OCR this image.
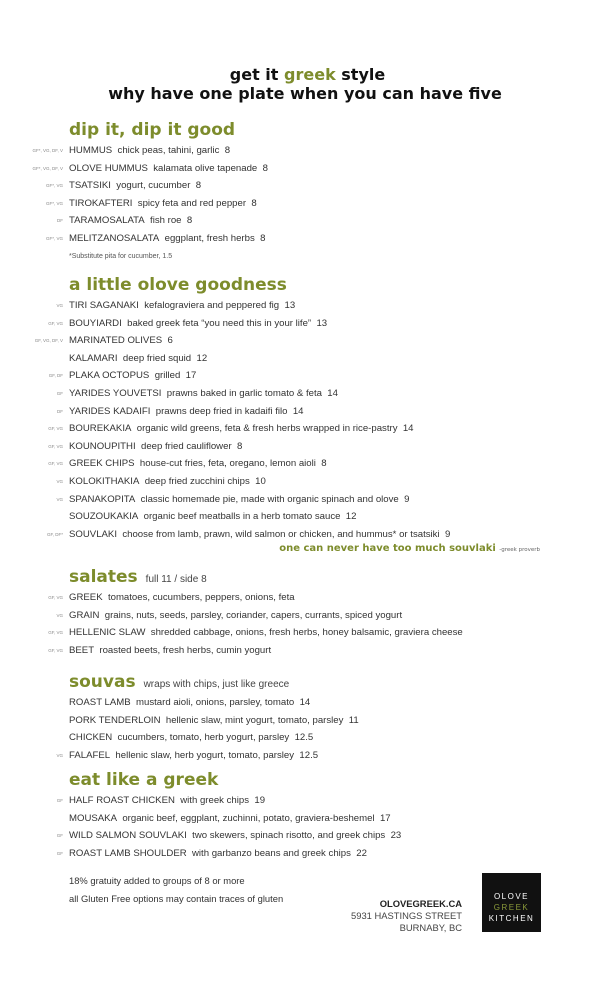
get it greek style
why have one plate when you can have five
dip it, dip it good
GF*, VG, DF, V HUMMUS chick peas, tahini, garlic 8
GF*, VG, DF, V OLOVE HUMMUS kalamata olive tapenade 8
GF*, VG TSATSIKI yogurt, cucumber 8
GF*, VG TIROKAFTERI spicy feta and red pepper 8
DF TARAMOSALATA fish roe 8
GF*, VG MELITZANOSALATA eggplant, fresh herbs 8
*Substitute pita for cucumber, 1.5
a little olove goodness
VG TIRI SAGANAKI kefalograviera and peppered fig 13
GF, VG BOUYIARDI baked greek feta “you need this in your life” 13
GF, VG, DF, V MARINATED OLIVES 6
KALAMARI deep fried squid 12
GF, DF PLAKA OCTOPUS grilled 17
GF YARIDES YOUVETSI prawns baked in garlic tomato & feta 14
DF YARIDES KADAIFI prawns deep fried in kadaifi filo 14
GF, VG BOUREKAKIA organic wild greens, feta & fresh herbs wrapped in rice-pastry 14
GF, VG KOUNOUPITHI deep fried cauliflower 8
GF, VG GREEK CHIPS house-cut fries, feta, oregano, lemon aioli 8
VG KOLOKITHAKIA deep fried zucchini chips 10
VG SPANAKOPITA classic homemade pie, made with organic spinach and olove 9
SOUZOUKAKIA organic beef meatballs in a herb tomato sauce 12
GF, DF* SOUVLAKI choose from lamb, prawn, wild salmon or chicken, and hummus* or tsatsiki 9
one can never have too much souvlaki -greek proverb
salates full 11 / side 8
GF, VG GREEK tomatoes, cucumbers, peppers, onions, feta
VG GRAIN grains, nuts, seeds, parsley, coriander, capers, currants, spiced yogurt
GF, VG HELLENIC SLAW shredded cabbage, onions, fresh herbs, honey balsamic, graviera cheese
GF, VG BEET roasted beets, fresh herbs, cumin yogurt
souvas wraps with chips, just like greece
ROAST LAMB mustard aioli, onions, parsley, tomato 14
PORK TENDERLOIN hellenic slaw, mint yogurt, tomato, parsley 11
CHICKEN cucumbers, tomato, herb yogurt, parsley 12.5
VG FALAFEL hellenic slaw, herb yogurt, tomato, parsley 12.5
eat like a greek
GF HALF ROAST CHICKEN with greek chips 19
MOUSAKA organic beef, eggplant, zuchinni, potato, graviera-beshemel 17
GF WILD SALMON SOUVLAKI two skewers, spinach risotto, and greek chips 23
GF ROAST LAMB SHOULDER with garbanzo beans and greek chips 22
18% gratuity added to groups of 8 or more
all Gluten Free options may contain traces of gluten	OLOVEGREEK.CA
5931 HASTINGS STREET
BURNABY, BC
OLOVE
GREEK
KITCHEN
